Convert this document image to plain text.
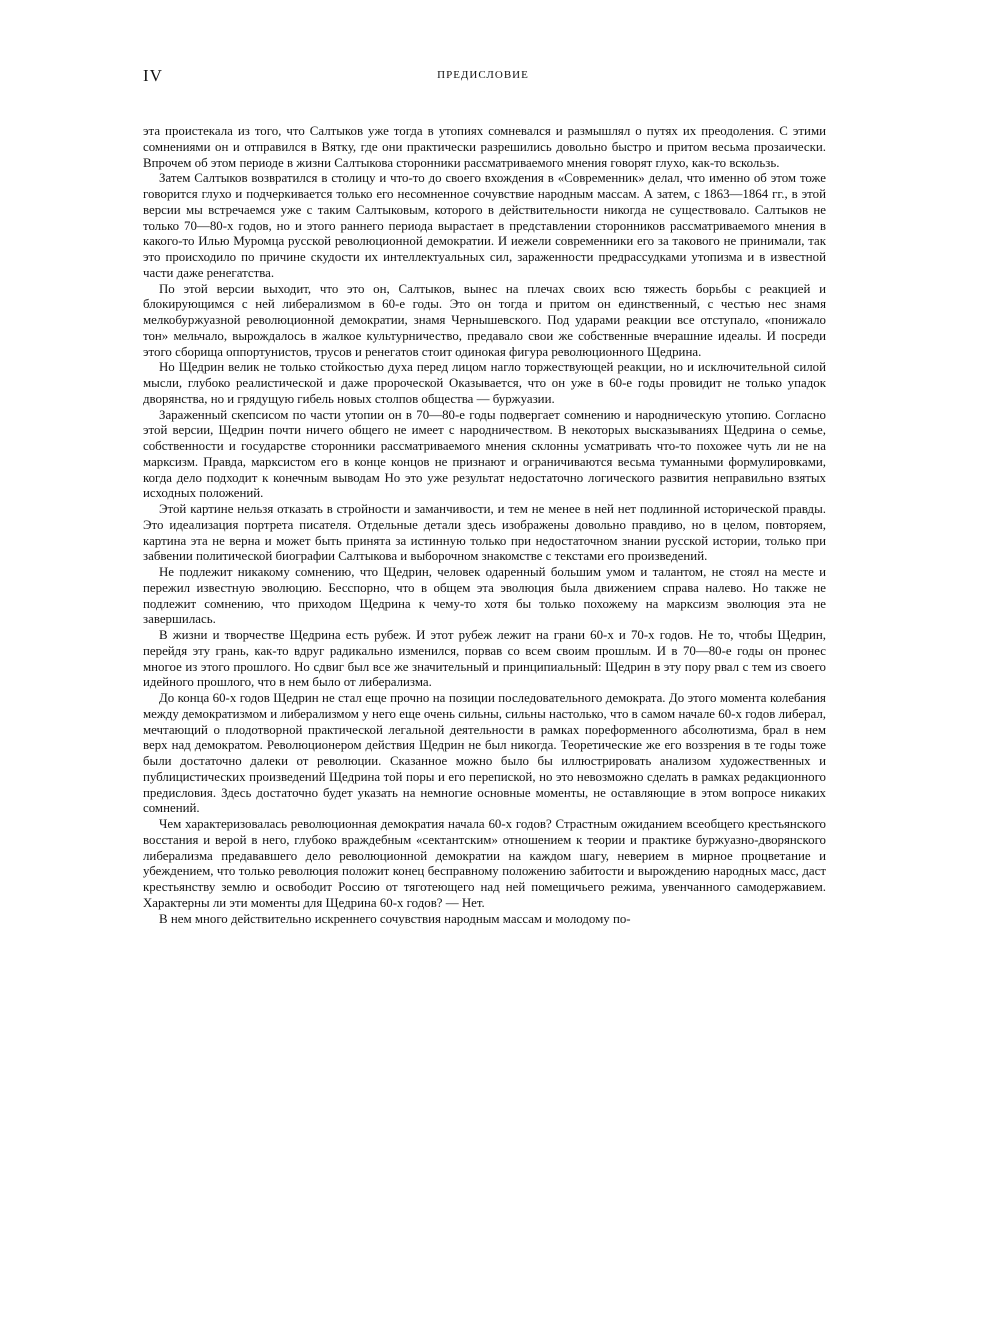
IV	ПРЕДИСЛОВИЕ

эта проистекала из того, что Салтыков уже тогда в утопиях сомневался и размышлял о путях их преодоления. С этими сомнениями он и отправился в Вятку, где они практически разрешились довольно быстро и притом весьма прозаически. Впрочем об этом периоде в жизни Салтыкова сторонники рассматриваемого мнения говорят глухо, как-то вскользь.

Затем Салтыков возвратился в столицу и что-то до своего вхождения в «Современник» делал, что именно об этом тоже говорится глухо и подчеркивается только его несомненное сочувствие народным массам. А затем, с 1863—1864 гг., в этой версии мы встречаемся уже с таким Салтыковым, которого в действительности никогда не существовало. Салтыков не только 70—80-х годов, но и этого раннего периода вырастает в представлении сторонников рассматриваемого мнения в какого-то Илью Муромца русской революционной демократии. И иежели современники его за такового не принимали, так это происходило по причине скудости их интеллектуальных сил, зараженности предрассудками утопизма и в известной части даже ренегатства.

По этой версии выходит, что это он, Салтыков, вынес на плечах своих всю тяжесть борьбы с реакцией и блокирующимся с ней либерализмом в 60-е годы. Это он тогда и притом он единственный, с честью нес знамя мелкобуржуазной революционной демократии, знамя Чернышевского. Под ударами реакции все отступало, «понижало тон» мельчало, вырождалось в жалкое культурничество, предавало свои же собственные вчерашние идеалы. И посреди этого сборища оппортунистов, трусов и ренегатов стоит одинокая фигура революционного Щедрина.

Но Щедрин велик не только стойкостью духа перед лицом нагло торжествующей реакции, но и исключительной силой мысли, глубоко реалистической и даже пророческой Оказывается, что он уже в 60-е годы провидит не только упадок дворянства, но и грядущую гибель новых столпов общества — буржуазии.

Зараженный скепсисом по части утопии он в 70—80-е годы подвергает сомнению и народническую утопию. Согласно этой версии, Щедрин почти ничего общего не имеет с народничеством. В некоторых высказываниях Щедрина о семье, собственности и государстве сторонники рассматриваемого мнения склонны усматривать что-то похожее чуть ли не на марксизм. Правда, марксистом его в конце концов не признают и ограничиваются весьма туманными формулировками, когда дело подходит к конечным выводам Но это уже результат недостаточно логического развития неправильно взятых исходных положений.

Этой картине нельзя отказать в стройности и заманчивости, и тем не менее в ней нет подлинной исторической правды. Это идеализация портрета писателя. Отдельные детали здесь изображены довольно правдиво, но в целом, повторяем, картина эта не верна и может быть принята за истинную только при недостаточном знании русской истории, только при забвении политической биографии Салтыкова и выборочном знакомстве с текстами его произведений.

Не подлежит никакому сомнению, что Щедрин, человек одаренный большим умом и талантом, не стоял на месте и пережил известную эволюцию. Бесспорно, что в общем эта эволюция была движением справа налево. Но также не подлежит сомнению, что приходом Щедрина к чему-то хотя бы только похожему на марксизм эволюция эта не завершилась.

В жизни и творчестве Щедрина есть рубеж. И этот рубеж лежит на грани 60-х и 70-х годов. Не то, чтобы Щедрин, перейдя эту грань, как-то вдруг радикально изменился, порвав со всем своим прошлым. И в 70—80-е годы он пронес многое из этого прошлого. Но сдвиг был все же значительный и принципиальный: Щедрин в эту пору рвал с тем из своего идейного прошлого, что в нем было от либерализма.

До конца 60-х годов Щедрин не стал еще прочно на позиции последовательного демократа. До этого момента колебания между демократизмом и либерализмом у него еще очень сильны, сильны настолько, что в самом начале 60-х годов либерал, мечтающий о плодотворной практической легальной деятельности в рамках пореформенного абсолютизма, брал в нем верх над демократом. Революционером действия Щедрин не был никогда. Теоретические же его воззрения в те годы тоже были достаточно далеки от революции. Сказанное можно было бы иллюстрировать анализом художественных и публицистических произведений Щедрина той поры и его перепиской, но это невозможно сделать в рамках редакционного предисловия. Здесь достаточно будет указать на немногие основные моменты, не оставляющие в этом вопросе никаких сомнений.

Чем характеризовалась революционная демократия начала 60-х годов? Страстным ожиданием всеобщего крестьянского восстания и верой в него, глубоко враждебным «сектантским» отношением к теории и практике буржуазно-дворянского либерализма предававшего дело революционной демократии на каждом шагу, неверием в мирное процветание и убеждением, что только революция положит конец бесправному положению забитости и вырождению народных масс, даст крестьянству землю и освободит Россию от тяготеющего над ней помещичьего режима, увенчанного самодержавием. Характерны ли эти моменты для Щедрина 60-х годов? — Нет.

В нем много действительно искреннего сочувствия народным массам и молодому по-
